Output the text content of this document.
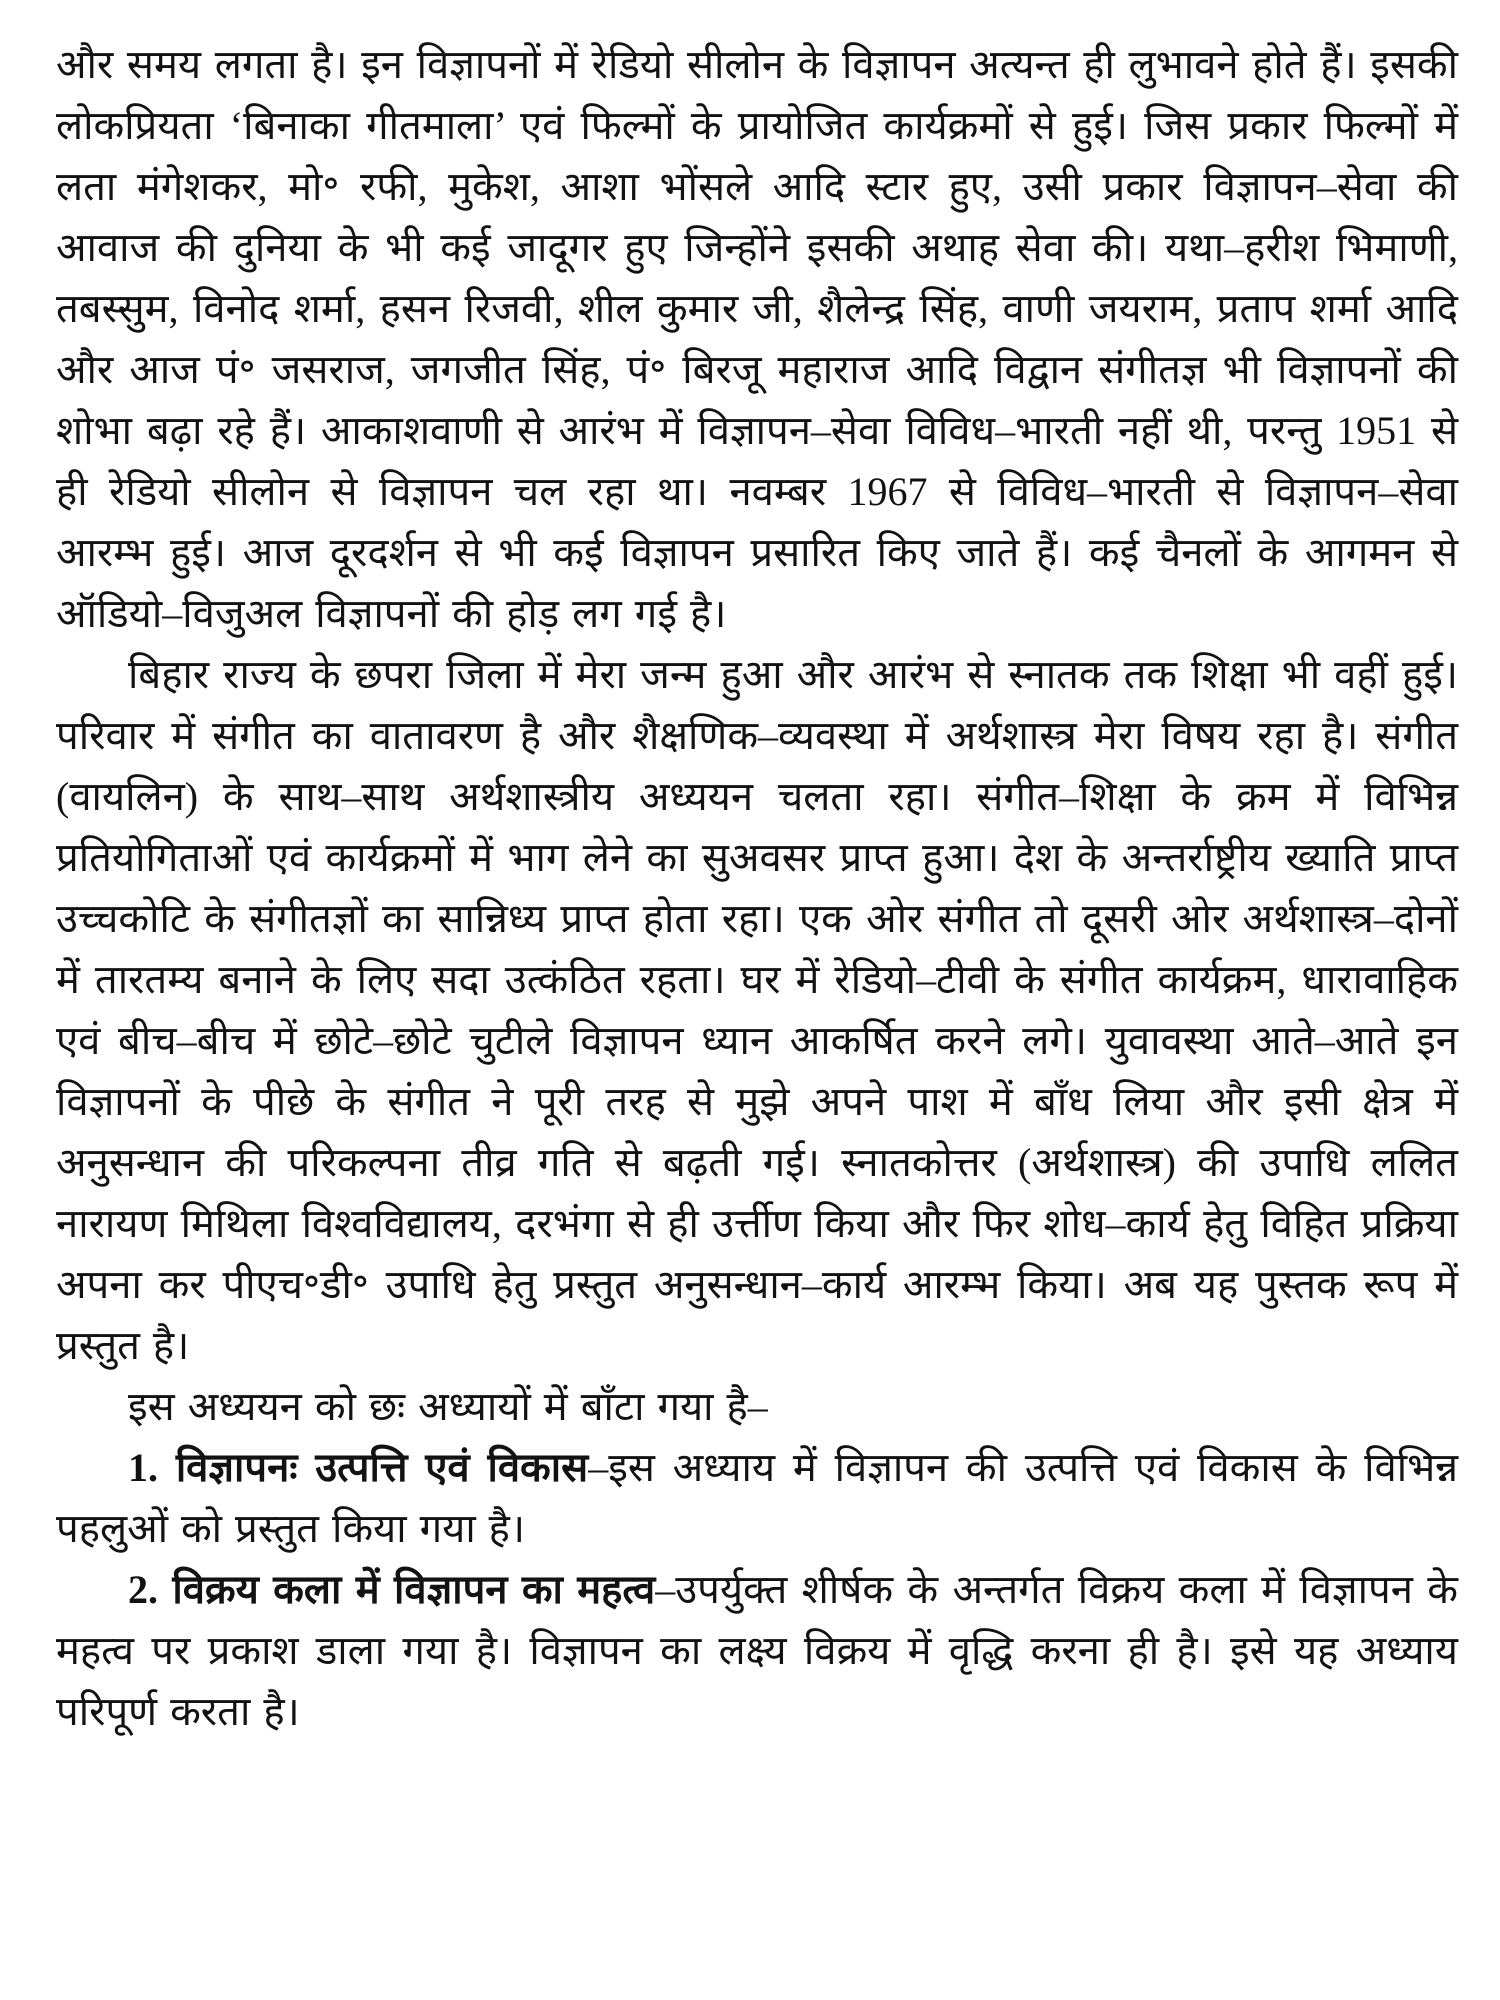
और समय लगता है। इन विज्ञापनों में रेडियो सीलोन के विज्ञापन अत्यन्त ही लुभावने होते हैं। इसकी लोकप्रियता ‘बिनाका गीतमाला’ एवं फिल्मों के प्रायोजित कार्यक्रमों से हुई। जिस प्रकार फिल्मों में लता मंगेशकर, मो॰ रफी, मुकेश, आशा भोंसले आदि स्टार हुए, उसी प्रकार विज्ञापन–सेवा की आवाज की दुनिया के भी कई जादूगर हुए जिन्होंने इसकी अथाह सेवा की। यथा–हरीश भिमाणी, तबस्सुम, विनोद शर्मा, हसन रिजवी, शील कुमार जी, शैलेन्द्र सिंह, वाणी जयराम, प्रताप शर्मा आदि और आज पं॰ जसराज, जगजीत सिंह, पं॰ बिरजू महाराज आदि विद्वान संगीतज्ञ भी विज्ञापनों की शोभा बढ़ा रहे हैं। आकाशवाणी से आरंभ में विज्ञापन–सेवा विविध–भारती नहीं थी, परन्तु 1951 से ही रेडियो सीलोन से विज्ञापन चल रहा था। नवम्बर 1967 से विविध–भारती से विज्ञापन–सेवा आरम्भ हुई। आज दूरदर्शन से भी कई विज्ञापन प्रसारित किए जाते हैं। कई चैनलों के आगमन से ऑडियो–विजुअल विज्ञापनों की होड़ लग गई है।

बिहार राज्य के छपरा जिला में मेरा जन्म हुआ और आरंभ से स्नातक तक शिक्षा भी वहीं हुई। परिवार में संगीत का वातावरण है और शैक्षणिक–व्यवस्था में अर्थशास्त्र मेरा विषय रहा है। संगीत (वायलिन) के साथ–साथ अर्थशास्त्रीय अध्ययन चलता रहा। संगीत–शिक्षा के क्रम में विभिन्न प्रतियोगिताओं एवं कार्यक्रमों में भाग लेने का सुअवसर प्राप्त हुआ। देश के अन्तर्राष्ट्रीय ख्याति प्राप्त उच्चकोटि के संगीतज्ञों का सान्निध्य प्राप्त होता रहा। एक ओर संगीत तो दूसरी ओर अर्थशास्त्र–दोनों में तारतम्य बनाने के लिए सदा उत्कंठित रहता। घर में रेडियो–टीवी के संगीत कार्यक्रम, धारावाहिक एवं बीच–बीच में छोटे–छोटे चुटीले विज्ञापन ध्यान आकर्षित करने लगे। युवावस्था आते–आते इन विज्ञापनों के पीछे के संगीत ने पूरी तरह से मुझे अपने पाश में बाँध लिया और इसी क्षेत्र में अनुसन्धान की परिकल्पना तीव्र गति से बढ़ती गई। स्नातकोत्तर (अर्थशास्त्र) की उपाधि ललित नारायण मिथिला विश्वविद्यालय, दरभंगा से ही उर्त्तीण किया और फिर शोध–कार्य हेतु विहित प्रक्रिया अपना कर पीएच॰डी॰ उपाधि हेतु प्रस्तुत अनुसन्धान–कार्य आरम्भ किया। अब यह पुस्तक रूप में प्रस्तुत है।

इस अध्ययन को छः अध्यायों में बाँटा गया है–

1. विज्ञापनः उत्पत्ति एवं विकास–इस अध्याय में विज्ञापन की उत्पत्ति एवं विकास के विभिन्न पहलुओं को प्रस्तुत किया गया है।

2. विक्रय कला में विज्ञापन का महत्व–उपर्युक्त शीर्षक के अन्तर्गत विक्रय कला में विज्ञापन के महत्व पर प्रकाश डाला गया है। विज्ञापन का लक्ष्य विक्रय में वृद्धि करना ही है। इसे यह अध्याय परिपूर्ण करता है।
